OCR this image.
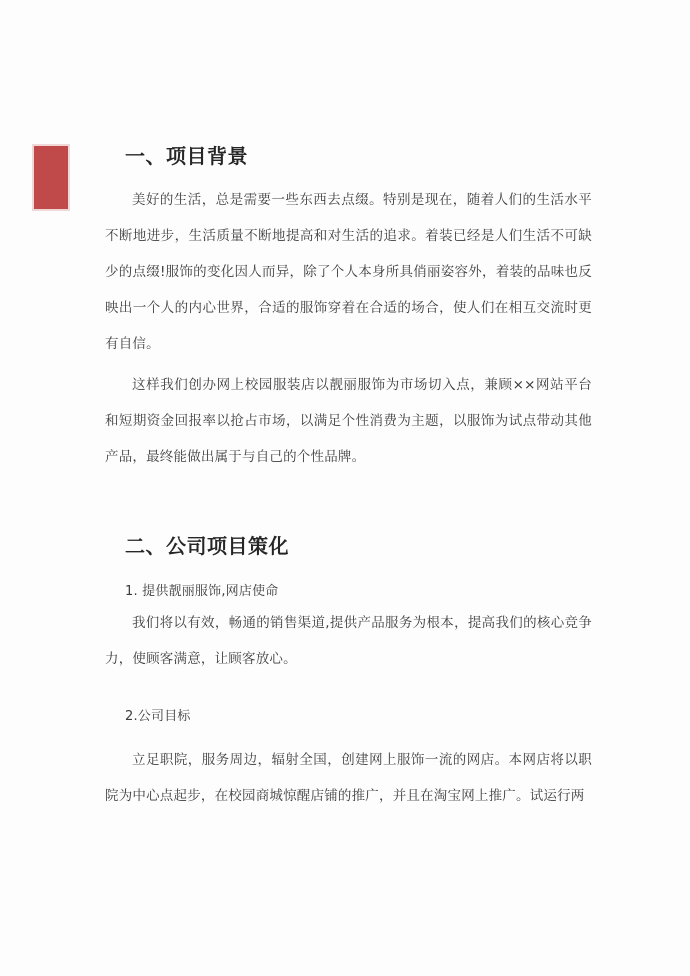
一、项目背景

美好的生活，总是需要一些东西去点缀。特别是现在，随着人们的生活水平不断地进步，生活质量不断地提高和对生活的追求。着装已经是人们生活不可缺少的点缀!服饰的变化因人而异，除了个人本身所具俏丽姿容外，着装的品味也反映出一个人的内心世界，合适的服饰穿着在合适的场合，使人们在相互交流时更有自信。

这样我们创办网上校园服装店以靓丽服饰为市场切入点，兼顾××网站平台和短期资金回报率以抢占市场，以满足个性消费为主题，以服饰为试点带动其他产品，最终能做出属于与自己的个性品牌。

二、公司项目策化

1. 提供靓丽服饰,网店使命

我们将以有效，畅通的销售渠道,提供产品服务为根本，提高我们的核心竞争力，使顾客满意，让顾客放心。

2.公司目标

立足职院，服务周边，辐射全国，创建网上服饰一流的网店。本网店将以职院为中心点起步，在校园商城惊醒店铺的推广，并且在淘宝网上推广。试运行两
